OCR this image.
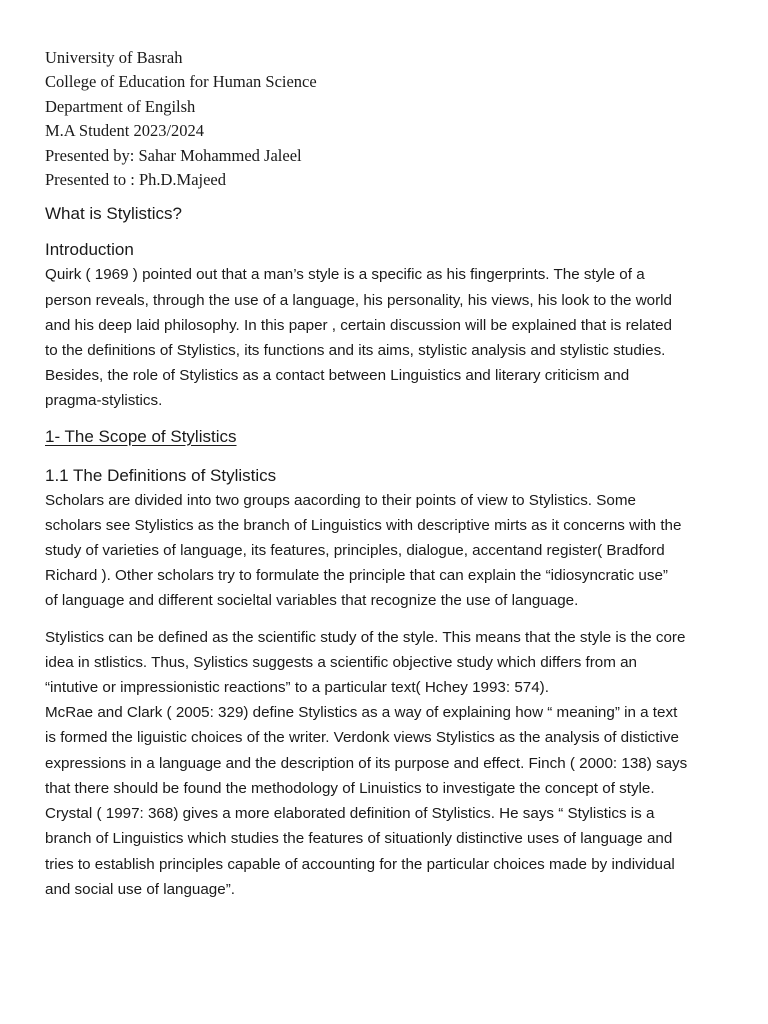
University of Basrah
College of Education for Human Science
Department of Engilsh
M.A Student 2023/2024
Presented by: Sahar Mohammed Jaleel
Presented to : Ph.D.Majeed
What is Stylistics?
Introduction

Quirk ( 1969 ) pointed out that a man’s style is a specific as his fingerprints. The style of a
person reveals, through the use of a language, his personality, his views, his look to the world
and his deep laid philosophy. In this paper , certain discussion will be explained that is related
to the definitions of Stylistics, its functions and its aims, stylistic analysis and stylistic studies.
Besides, the role of Stylistics as a contact between Linguistics and literary criticism and
pragma-stylistics.

1- The Scope of Stylistics
1.1 The Definitions of Stylistics

Scholars are divided into two groups aacording to their points of view to Stylistics. Some
scholars see Stylistics as the branch of Linguistics with descriptive mirts as it concerns with the
study of varieties of language, its features, principles, dialogue, accentand register( Bradford
Richard ). Other scholars try to formulate the principle that can explain the “idiosyncratic use”
of language and different socieltal variables that recognize the use of language.

Stylistics can be defined as the scientific study of the style. This means that the style is the core
idea in stlistics. Thus, Sylistics suggests a scientific objective study which differs from an
“intutive or impressionistic reactions” to a particular text( Hchey 1993: 574).
McRae and Clark ( 2005: 329) define Stylistics as a way of explaining how “ meaning” in a text
is formed the liguistic choices of the writer. Verdonk views Stylistics as the analysis of distictive
expressions in a language and the description of its purpose and effect. Finch ( 2000: 138) says
that there should be found the methodology of Linuistics to investigate the concept of style.
Crystal ( 1997: 368) gives a more elaborated definition of Stylistics. He says “ Stylistics is a
branch of Linguistics which studies the features of situationly distinctive uses of language and
tries to establish principles capable of accounting for the particular choices made by individual
and social use of language”.
